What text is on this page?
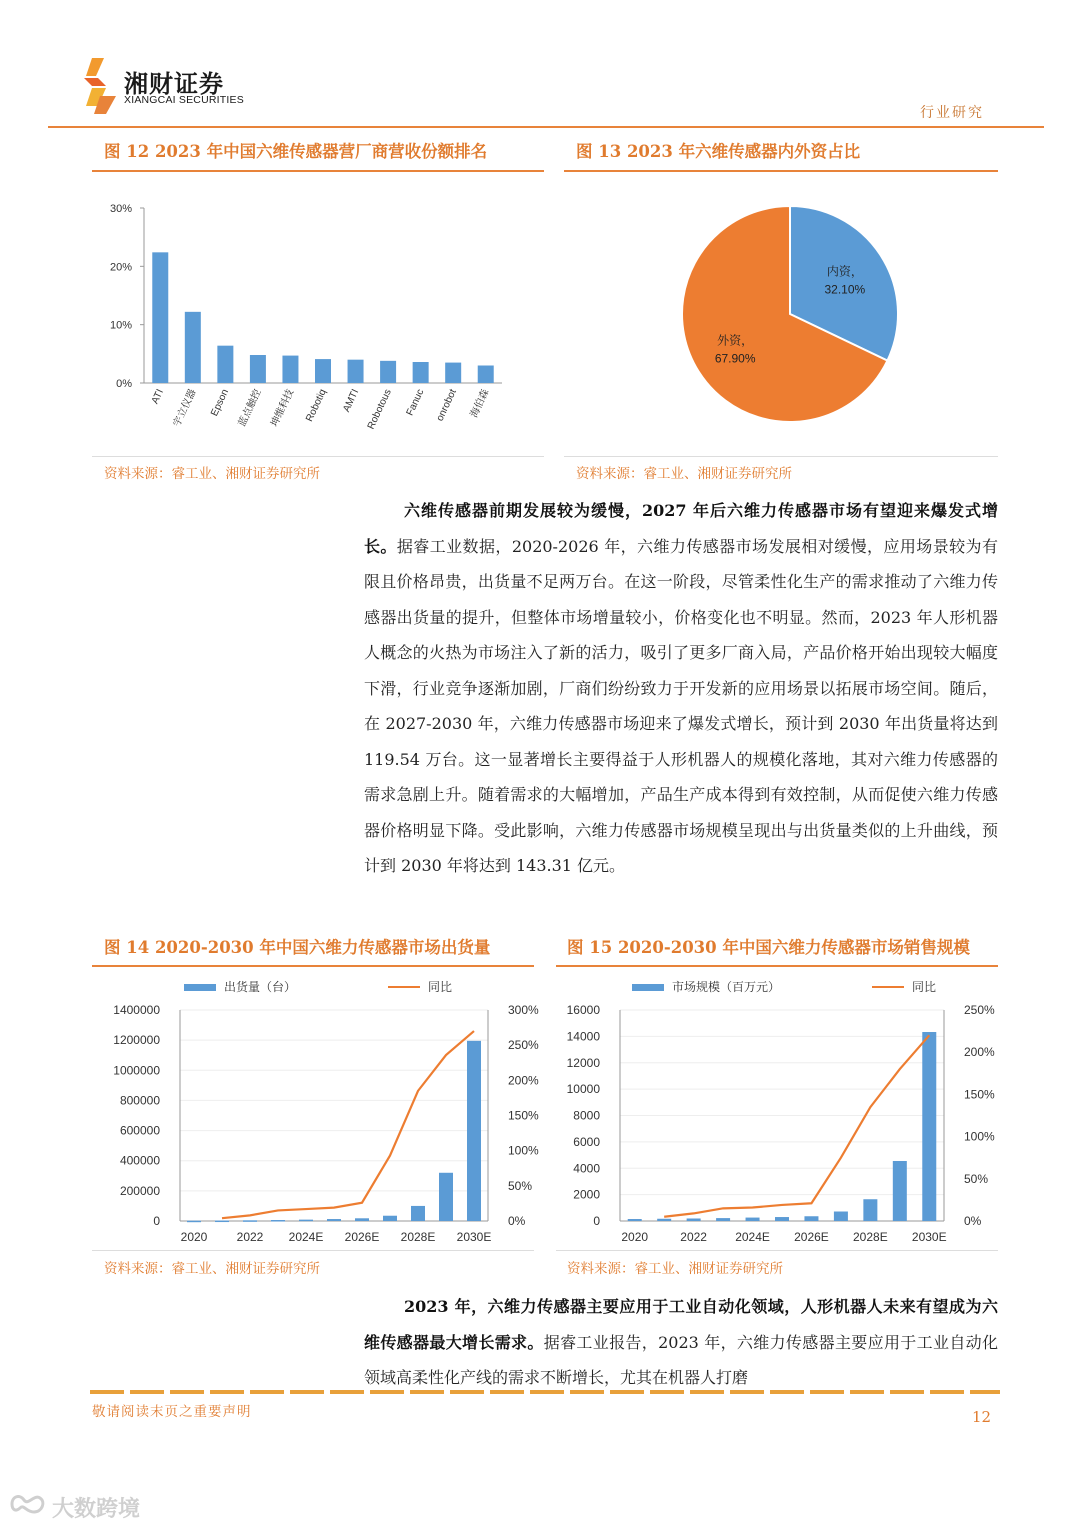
湘财证券
XIANGCAI SECURITIES
行业研究
图 12 2023 年中国六维传感器营厂商营收份额排名
0%
10%
20%
30%
ATI 宇立仪器 Epson 蓝点触控 坤维科技 Robotiq AMTI Robotous Fanuc onrobot 海伯森
资料来源：睿工业、湘财证券研究所
图 13 2023 年六维传感器内外资占比
内资，
32.10%
外资，
67.90%
资料来源：睿工业、湘财证券研究所
六维传感器前期发展较为缓慢，2027 年后六维力传感器市场有望迎来爆发式增长。据睿工业数据，2020-2026 年，六维力传感器市场发展相对缓慢，应用场景较为有限且价格昂贵，出货量不足两万台。在这一阶段，尽管柔性化生产的需求推动了六维力传感器出货量的提升，但整体市场增量较小，价格变化也不明显。然而，2023 年人形机器人概念的火热为市场注入了新的活力，吸引了更多厂商入局，产品价格开始出现较大幅度下滑，行业竞争逐渐加剧，厂商们纷纷致力于开发新的应用场景以拓展市场空间。随后，在 2027-2030 年，六维力传感器市场迎来了爆发式增长，预计到 2030 年出货量将达到 119.54 万台。这一显著增长主要得益于人形机器人的规模化落地，其对六维力传感器的需求急剧上升。随着需求的大幅增加，产品生产成本得到有效控制，从而促使六维力传感器价格明显下降。受此影响，六维力传感器市场规模呈现出与出货量类似的上升曲线，预计到 2030 年将达到 143.31 亿元。
图 14 2020-2030 年中国六维力传感器市场出货量
出货量（台）	同比
0
200000
400000
600000
800000
1000000
1200000
1400000
0%
50%
100%
150%
200%
250%
300%
2020 2022 2024E 2026E 2028E 2030E
资料来源：睿工业、湘财证券研究所
图 15 2020-2030 年中国六维力传感器市场销售规模
市场规模（百万元）	同比
0
2000
4000
6000
8000
10000
12000
14000
16000
0%
50%
100%
150%
200%
250%
2020	2022 2024E 2026E 2028E 2030E
资料来源：睿工业、湘财证券研究所
2023 年，六维力传感器主要应用于工业自动化领域，人形机器人未来有望成为六维传感器最大增长需求。据睿工业报告，2023 年，六维力传感器主要应用于工业自动化领域高柔性化产线的需求不断增长，尤其在机器人打磨
敬请阅读末页之重要声明	12
大数跨境
